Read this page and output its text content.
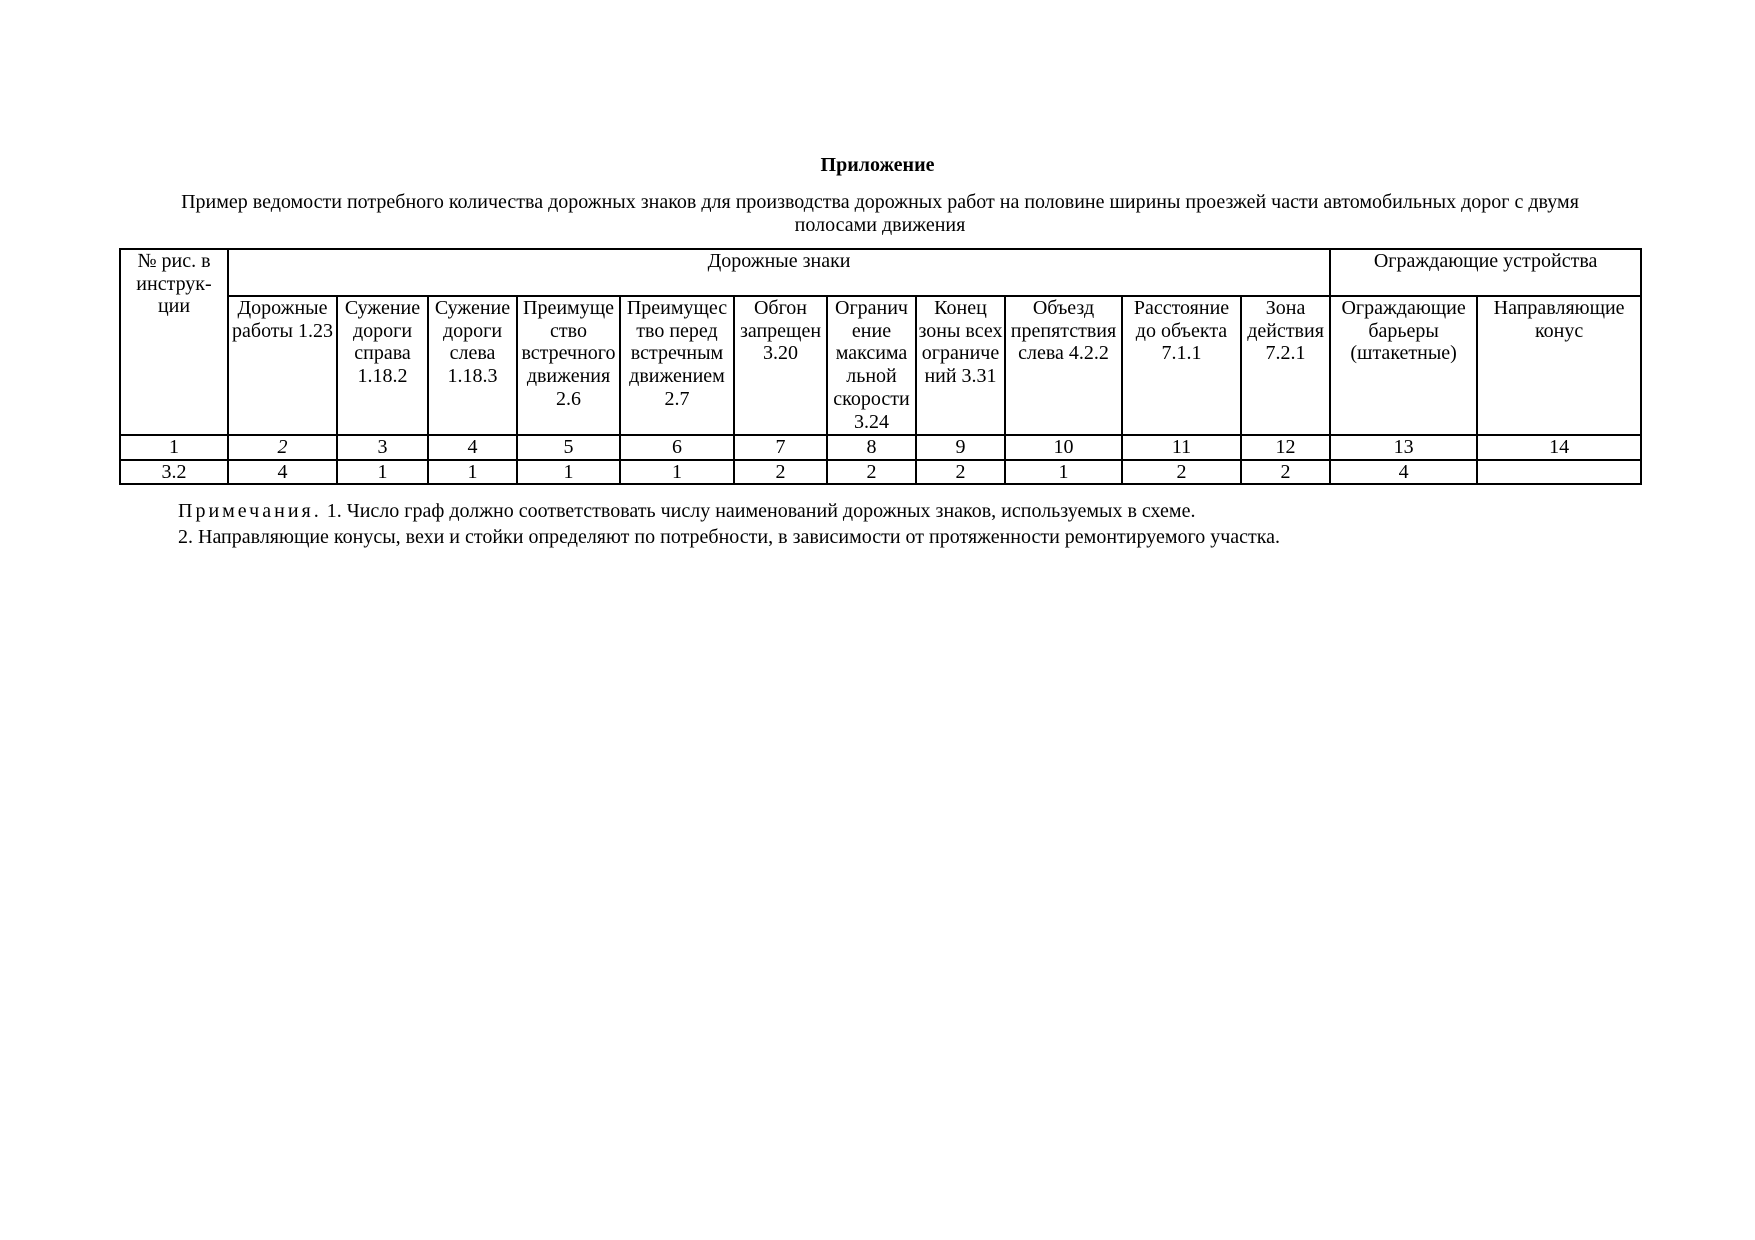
Приложение
Пример ведомости потребного количества дорожных знаков для производства дорожных работ на половине ширины проезжей части автомобильных дорог с двумя полосами движения
№ рис. в инструк-ции	Дорожные знаки											Ограждающие устройства	
	Дорожные работы 1.23	Сужение дороги справа 1.18.2	Сужение дороги слева 1.18.3	Преимуще ство встречного движения 2.6	Преимущес тво перед встречным движением 2.7	Обгон запрещен 3.20	Огранич ение максима льной скорости 3.24	Конец зоны всех ограниче ний 3.31	Объезд препятствия слева 4.2.2	Расстояние до объекта 7.1.1	Зона действия 7.2.1	Ограждающие барьеры (штакетные)	Направляющие конус
1	2	3	4	5	6	7	8	9	10	11	12	13	14
3.2	4	1	1	1	1	2	2	2	1	2	2	4	
Примечания. 1. Число граф должно соответствовать числу наименований дорожных знаков, используемых в схеме.
2. Направляющие конусы, вехи и стойки определяют по потребности, в зависимости от протяженности ремонтируемого участка.
